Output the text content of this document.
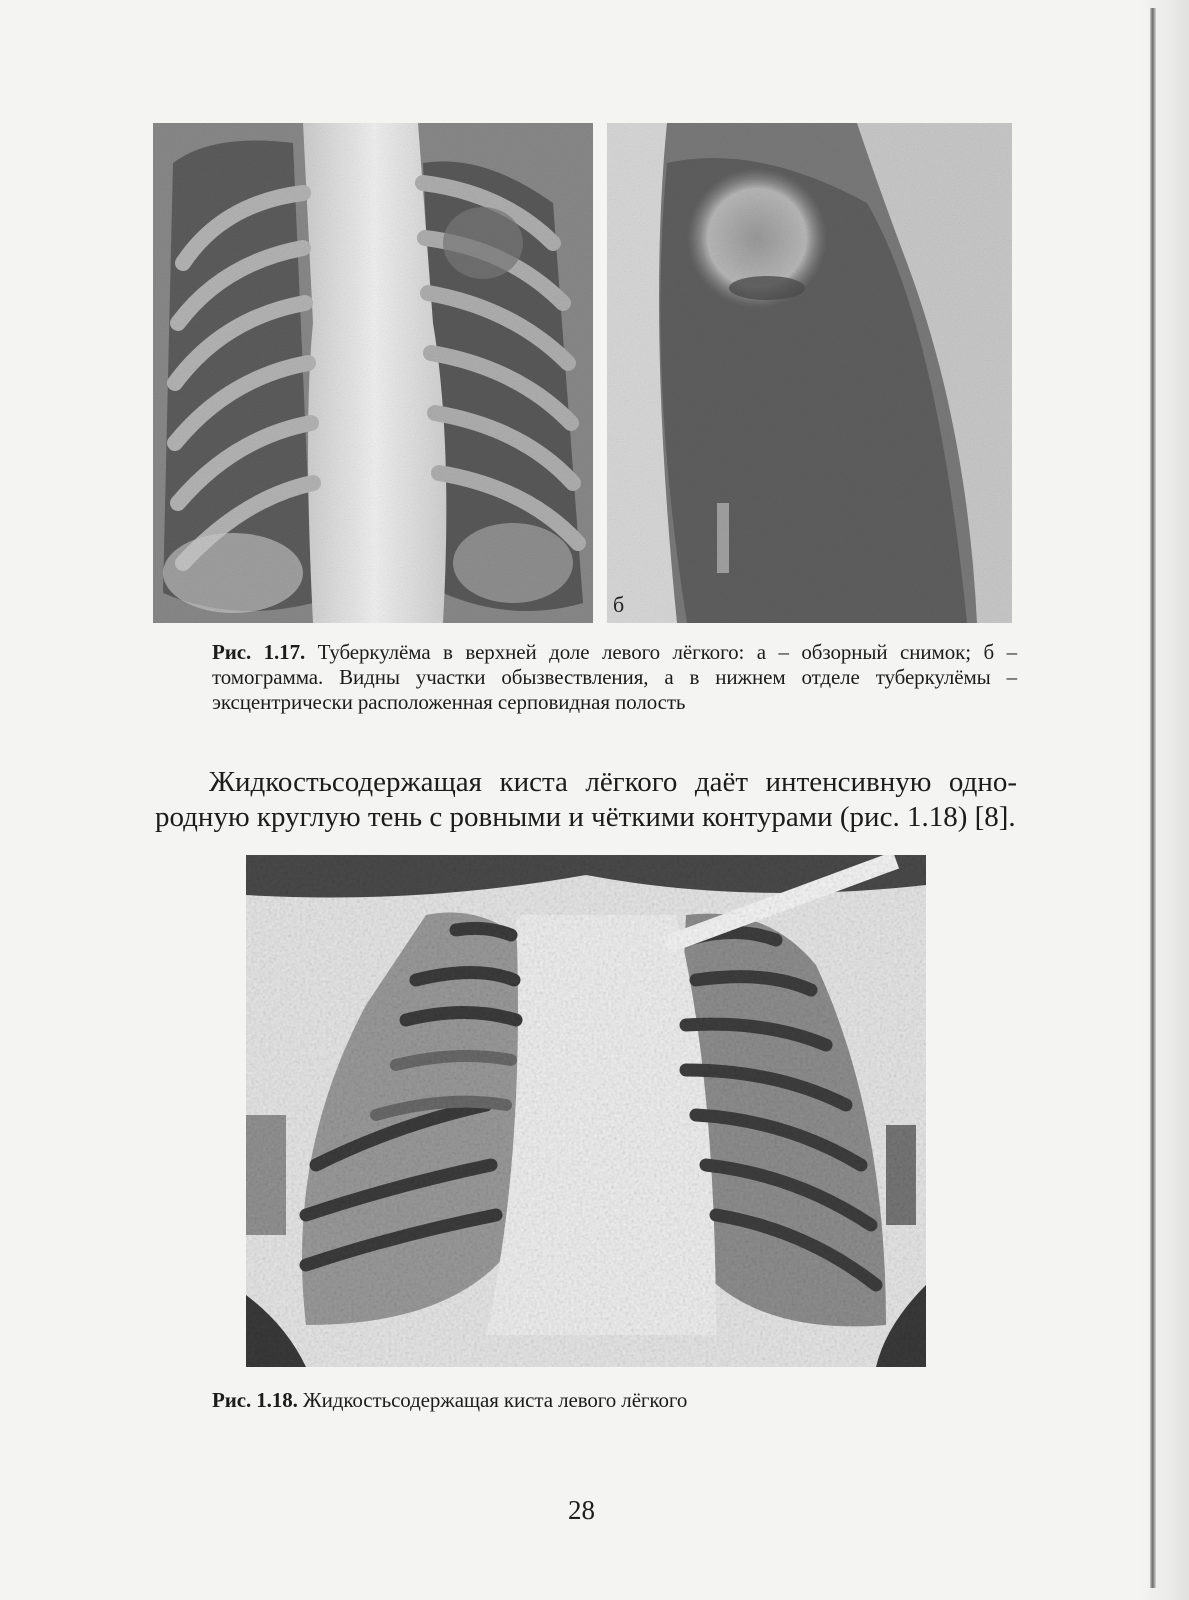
б
Рис. 1.17. Туберкулёма в верхней доле левого лёгкого: а – обзорный снимок; б – томограмма. Видны участки обызвествления, а в нижнем отделе туберкулёмы – эксцентрически расположенная серповидная полость
Жидкостьсодержащая киста лёгкого даёт интенсивную одно-
родную круглую тень с ровными и чёткими контурами (рис. 1.18) [8].
Рис. 1.18. Жидкостьсодержащая киста левого лёгкого
28
